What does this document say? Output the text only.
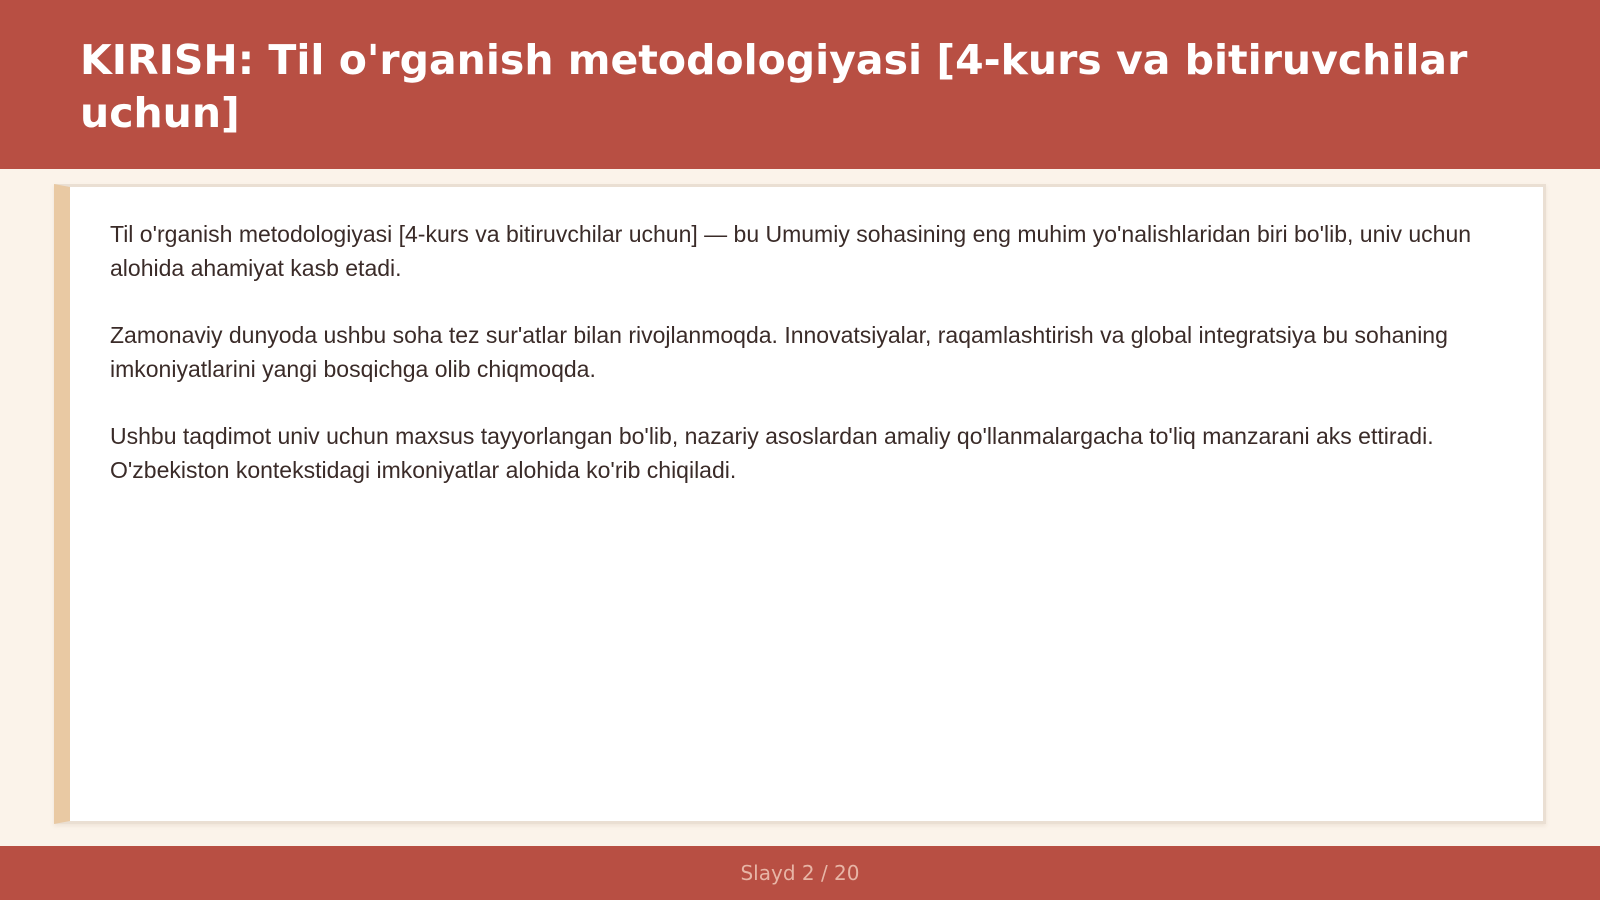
KIRISH: Til o'rganish metodologiyasi [4-kurs va bitiruvchilar uchun]

Til o'rganish metodologiyasi [4-kurs va bitiruvchilar uchun] — bu Umumiy sohasining eng muhim yo'nalishlaridan biri bo'lib, univ uchun alohida ahamiyat kasb etadi.

Zamonaviy dunyoda ushbu soha tez sur'atlar bilan rivojlanmoqda. Innovatsiyalar, raqamlashtirish va global integratsiya bu sohaning imkoniyatlarini yangi bosqichga olib chiqmoqda.

Ushbu taqdimot univ uchun maxsus tayyorlangan bo'lib, nazariy asoslardan amaliy qo'llanmalargacha to'liq manzarani aks ettiradi. O'zbekiston kontekstidagi imkoniyatlar alohida ko'rib chiqiladi.

Slayd 2 / 20
